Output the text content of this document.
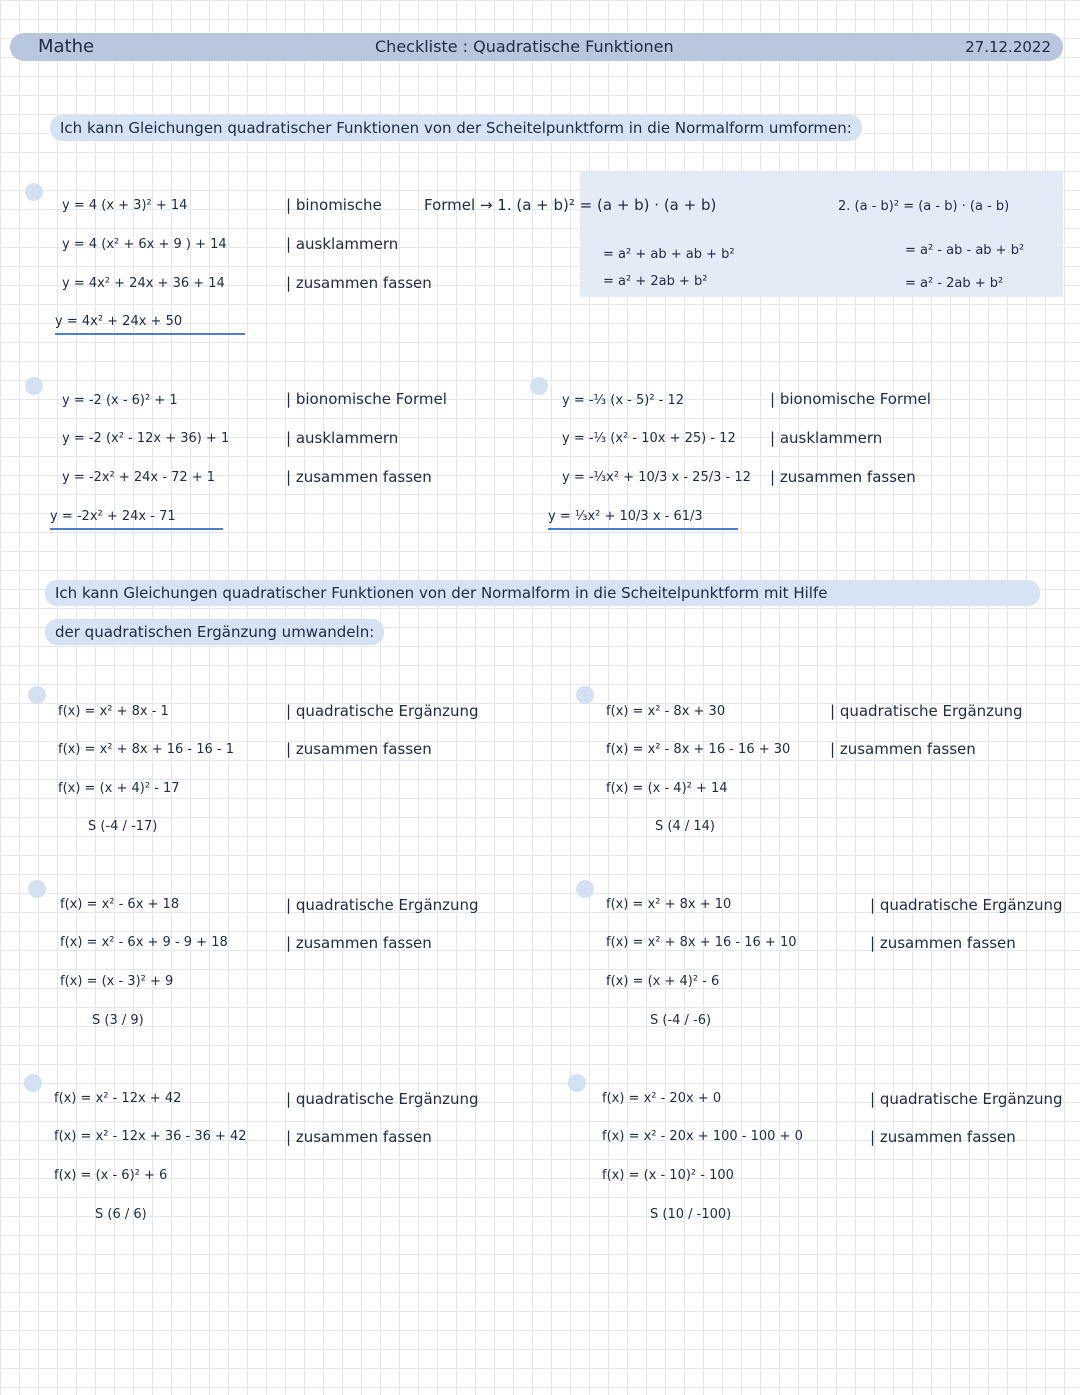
Mathe	Checkliste : Quadratische Funktionen	27.12.2022
Ich kann Gleichungen quadratischer Funktionen von der Scheitelpunktform in die Normalform umformen:
y = 4 (x + 3)² + 14
y = 4 (x² + 6x + 9 ) + 14
y = 4x² + 24x + 36 + 14
y = 4x² + 24x + 50
| binomische
| ausklammern
| zusammen fassen
Formel → 1. (a + b)² = (a + b) · (a + b)
= a² + ab + ab + b²
= a² + 2ab + b²
2. (a - b)² = (a - b) · (a - b)
= a² - ab - ab + b²
= a² - 2ab + b²
y = -2 (x - 6)² + 1
y = -2 (x² - 12x + 36) + 1
y = -2x² + 24x - 72 + 1
y = -2x² + 24x - 71
| bionomische Formel
| ausklammern
| zusammen fassen
y = -⅓ (x - 5)² - 12
y = -⅓ (x² - 10x + 25) - 12
y = -⅓x² + 10/3 x - 25/3 - 12
y = ⅓x² + 10/3 x - 61/3
| bionomische Formel
| ausklammern
| zusammen fassen
Ich kann Gleichungen quadratischer Funktionen von der Normalform in die Scheitelpunktform mit Hilfe
der quadratischen Ergänzung umwandeln:
f(x) = x² + 8x - 1
f(x) = x² + 8x + 16 - 16 - 1
f(x) = (x + 4)² - 17
S (-4 / -17)
| quadratische Ergänzung
| zusammen fassen
f(x) = x² - 8x + 30
f(x) = x² - 8x + 16 - 16 + 30
f(x) = (x - 4)² + 14
S (4 / 14)
| quadratische Ergänzung
| zusammen fassen
f(x) = x² - 6x + 18
f(x) = x² - 6x + 9 - 9 + 18
f(x) = (x - 3)² + 9
S (3 / 9)
| quadratische Ergänzung
| zusammen fassen
f(x) = x² + 8x + 10
f(x) = x² + 8x + 16 - 16 + 10
f(x) = (x + 4)² - 6
S (-4 / -6)
| quadratische Ergänzung
| zusammen fassen
f(x) = x² - 12x + 42
f(x) = x² - 12x + 36 - 36 + 42
f(x) = (x - 6)² + 6
S (6 / 6)
| quadratische Ergänzung
| zusammen fassen
f(x) = x² - 20x + 0
f(x) = x² - 20x + 100 - 100 + 0
f(x) = (x - 10)² - 100
S (10 / -100)
| quadratische Ergänzung
| zusammen fassen
